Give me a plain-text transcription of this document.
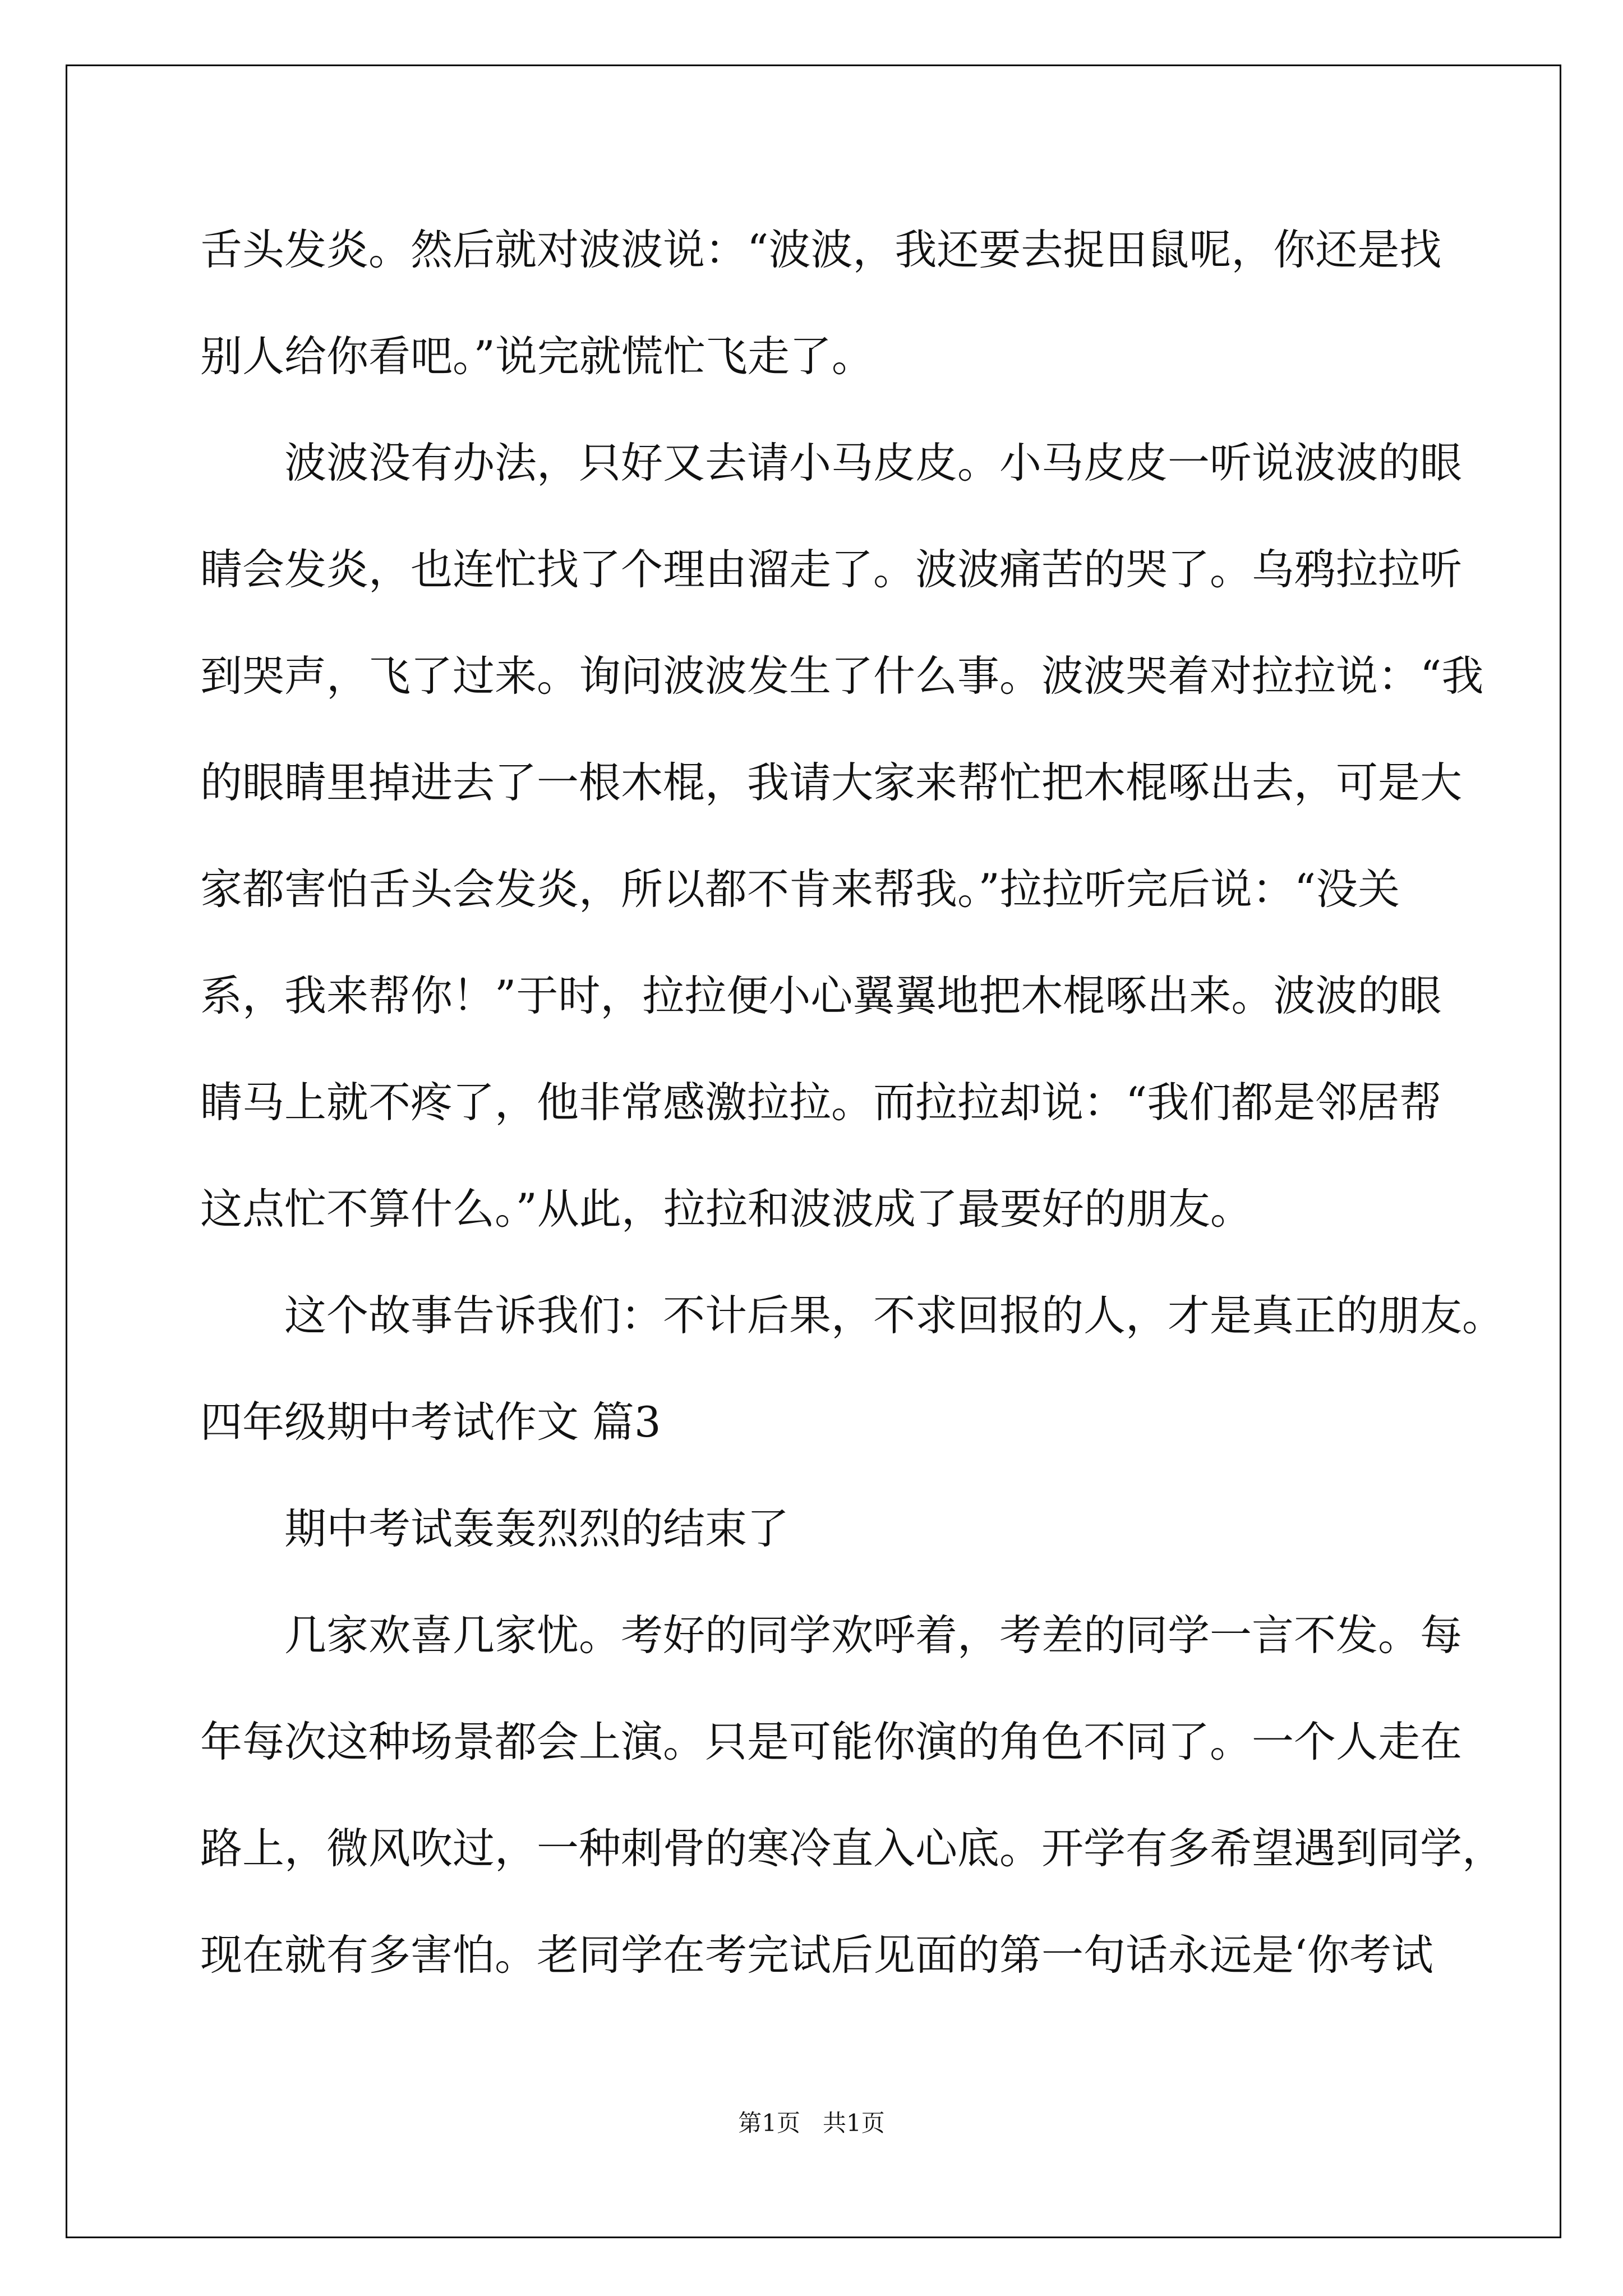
舌头发炎。然后就对波波说：“波波，我还要去捉田鼠呢，你还是找
别人给你看吧。”说完就慌忙飞走了。
波波没有办法，只好又去请小马皮皮。小马皮皮一听说波波的眼
睛会发炎，也连忙找了个理由溜走了。波波痛苦的哭了。乌鸦拉拉听
到哭声，飞了过来。询问波波发生了什么事。波波哭着对拉拉说：“我
的眼睛里掉进去了一根木棍，我请大家来帮忙把木棍啄出去，可是大
家都害怕舌头会发炎，所以都不肯来帮我。”拉拉听完后说：“没关
系，我来帮你！”于时，拉拉便小心翼翼地把木棍啄出来。波波的眼
睛马上就不疼了，他非常感激拉拉。而拉拉却说：“我们都是邻居帮
这点忙不算什么。”从此，拉拉和波波成了最要好的朋友。
这个故事告诉我们：不计后果，不求回报的人，才是真正的朋友。
四年级期中考试作文 篇3
期中考试轰轰烈烈的结束了
几家欢喜几家忧。考好的同学欢呼着，考差的同学一言不发。每
年每次这种场景都会上演。只是可能你演的角色不同了。一个人走在
路上，微风吹过，一种刺骨的寒冷直入心底。开学有多希望遇到同学，
现在就有多害怕。老同学在考完试后见面的第一句话永远是‘你考试
第1页   共1页
